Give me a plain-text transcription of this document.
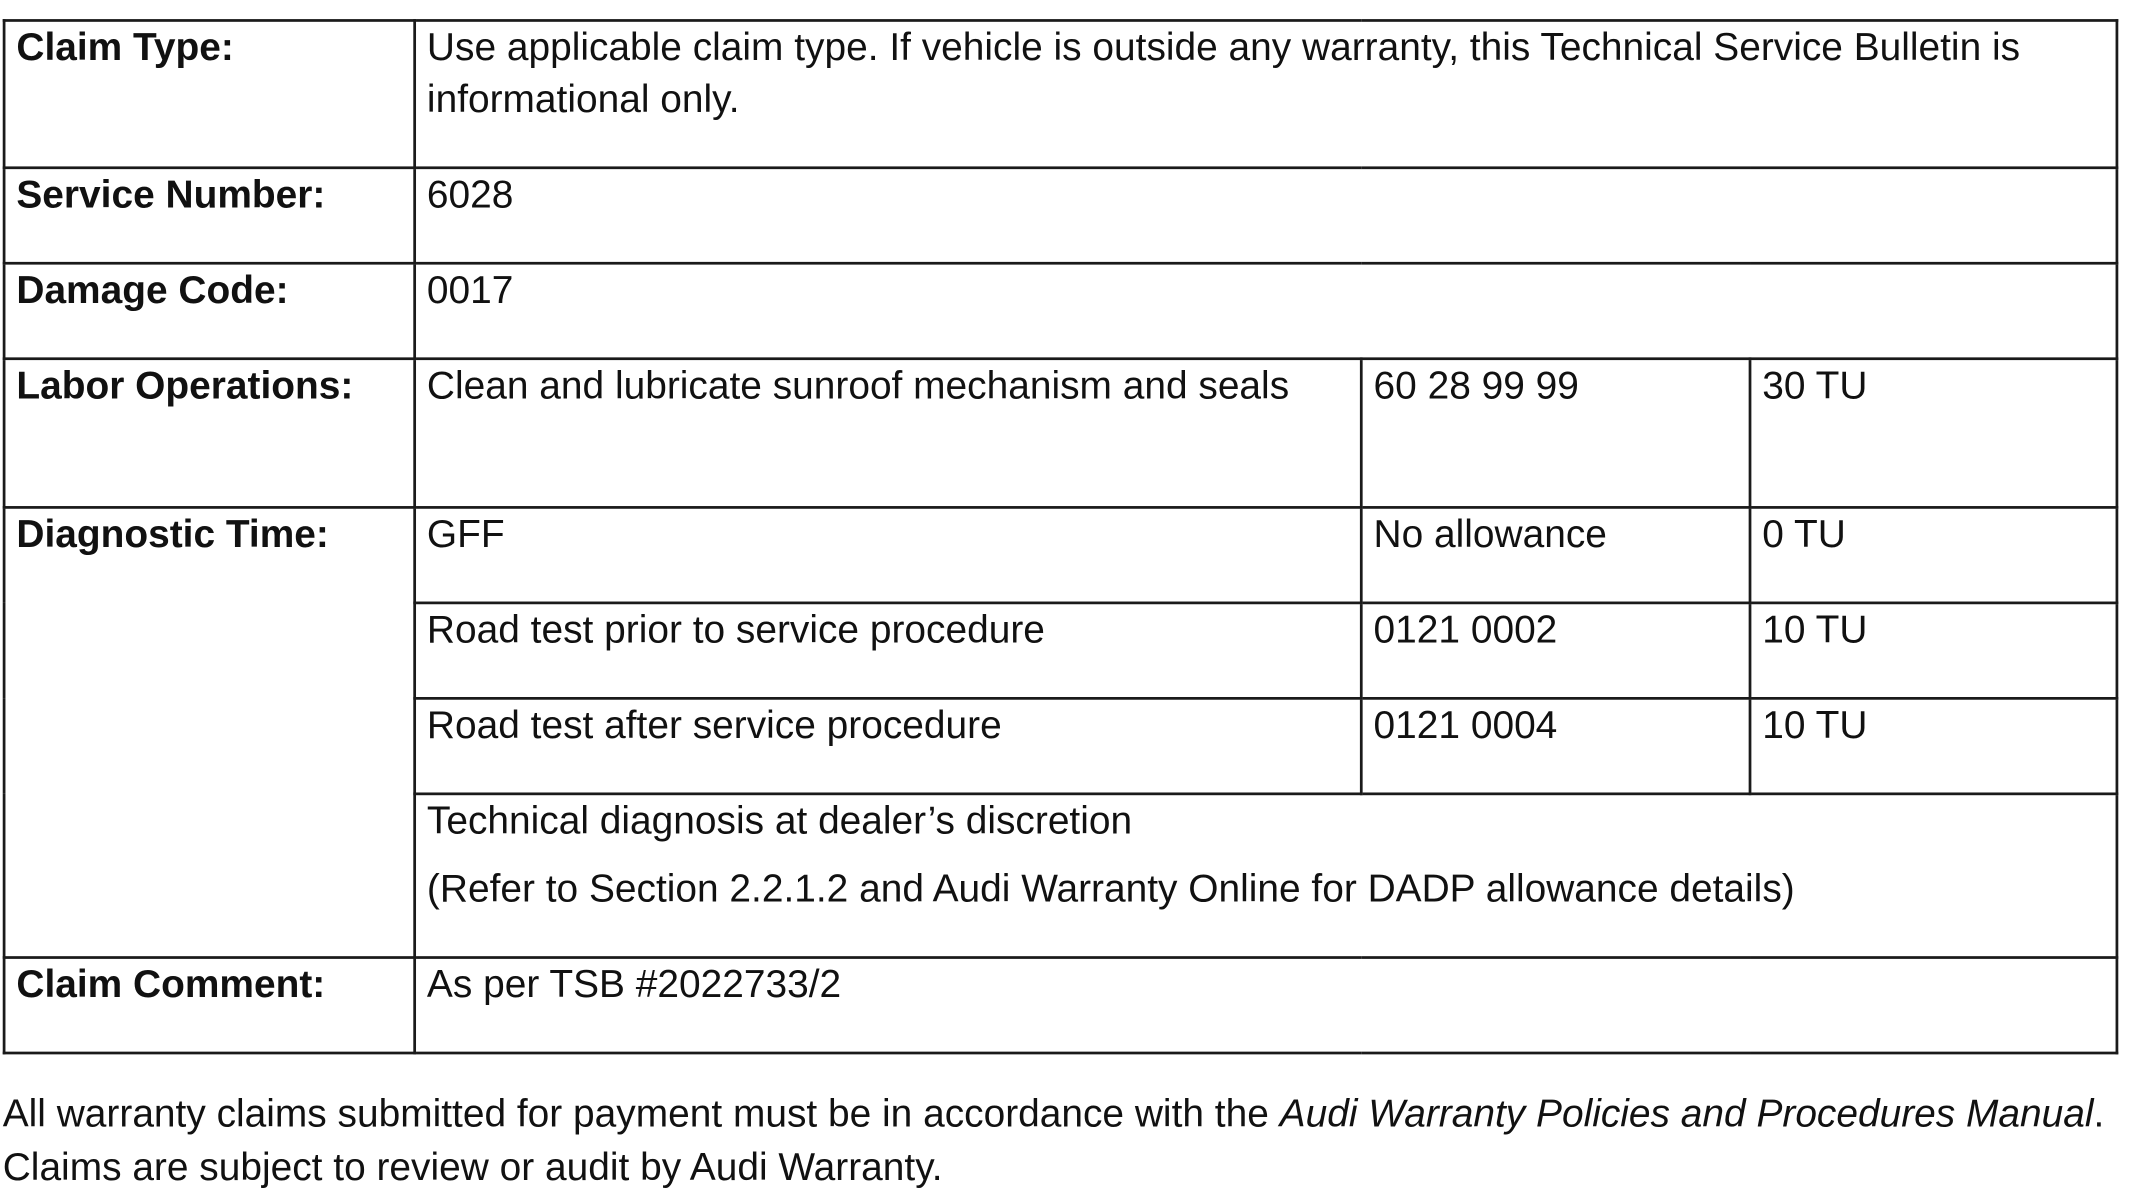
Claim Type:	Use applicable claim type. If vehicle is outside any warranty, this Technical Service Bulletin is informational only.		
Service Number:	6028		
Damage Code:	0017		
Labor Operations:	Clean and lubricate sunroof mechanism and seals	60 28 99 99	30 TU
Diagnostic Time:	GFF	No allowance	0 TU
	Road test prior to service procedure	0121 0002	10 TU
	Road test after service procedure	0121 0004	10 TU
	Technical diagnosis at dealer’s discretion
(Refer to Section 2.2.1.2 and Audi Warranty Online for DADP allowance details)		

Claim Comment:	As per TSB #2022733/2		

All warranty claims submitted for payment must be in accordance with the Audi Warranty Policies and Procedures Manual. Claims are subject to review or audit by Audi Warranty.
